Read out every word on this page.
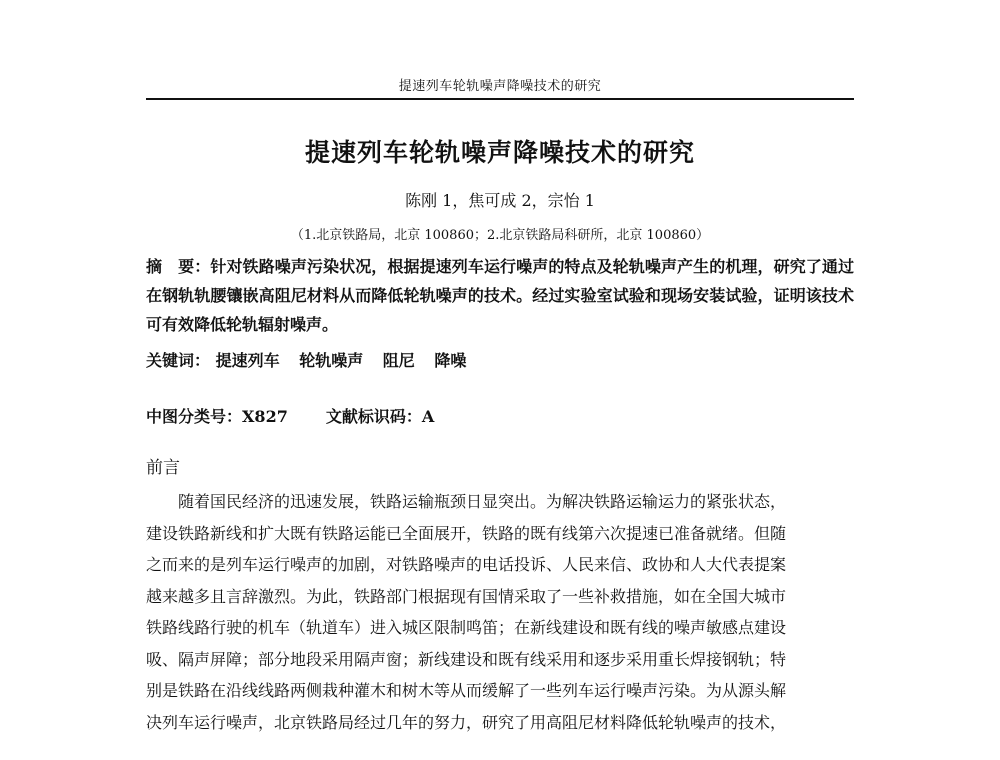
提速列车轮轨噪声降噪技术的研究
提速列车轮轨噪声降噪技术的研究
陈刚 1，焦可成 2，宗怡 1
（1.北京铁路局，北京 100860；2.北京铁路局科研所，北京 100860）
摘　要：针对铁路噪声污染状况，根据提速列车运行噪声的特点及轮轨噪声产生的机理，研究了通过在钢轨轨腰镶嵌高阻尼材料从而降低轮轨噪声的技术。经过实验室试验和现场安装试验，证明该技术可有效降低轮轨辐射噪声。
关键词： 提速列车 轮轨噪声 阻尼 降噪
中图分类号：X827 文献标识码：A
前言
随着国民经济的迅速发展，铁路运输瓶颈日显突出。为解决铁路运输运力的紧张状态，
建设铁路新线和扩大既有铁路运能已全面展开，铁路的既有线第六次提速已准备就绪。但随
之而来的是列车运行噪声的加剧，对铁路噪声的电话投诉、人民来信、政协和人大代表提案
越来越多且言辞激烈。为此，铁路部门根据现有国情采取了一些补救措施，如在全国大城市
铁路线路行驶的机车（轨道车）进入城区限制鸣笛；在新线建设和既有线的噪声敏感点建设
吸、隔声屏障；部分地段采用隔声窗；新线建设和既有线采用和逐步采用重长焊接钢轨；特
别是铁路在沿线线路两侧栽种灌木和树木等从而缓解了一些列车运行噪声污染。为从源头解
决列车运行噪声，北京铁路局经过几年的努力，研究了用高阻尼材料降低轮轨噪声的技术，
